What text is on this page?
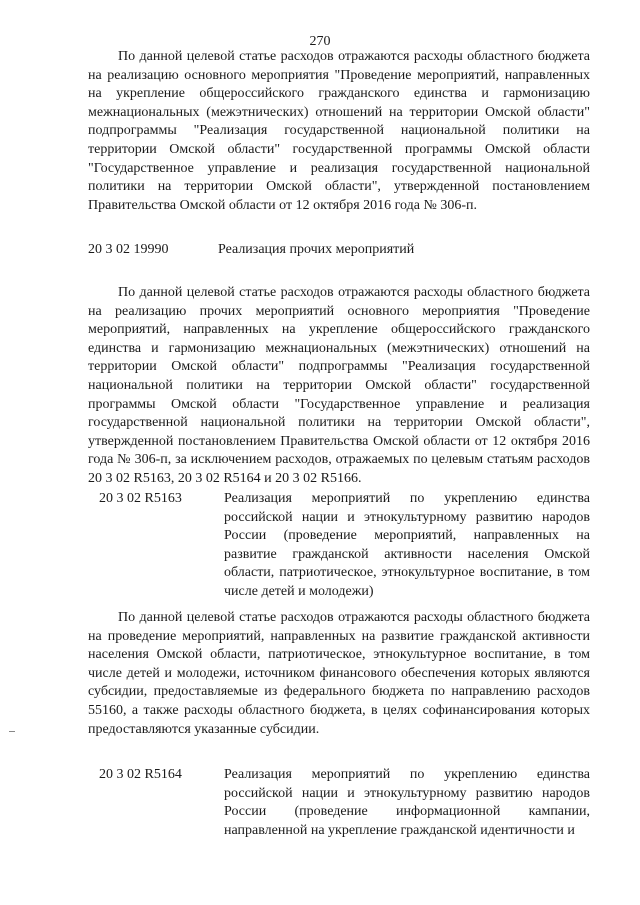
270

По данной целевой статье расходов отражаются расходы областного бюджета на реализацию основного мероприятия "Проведение мероприятий, направленных на укрепление общероссийского гражданского единства и гармонизацию межнациональных (межэтнических) отношений на территории Омской области" подпрограммы "Реализация государственной национальной политики на территории Омской области" государственной программы Омской области "Государственное управление и реализация государственной национальной политики на территории Омской области", утвержденной постановлением Правительства Омской области от 12 октября 2016 года № 306-п.

20 3 02 19990	Реализация прочих мероприятий

По данной целевой статье расходов отражаются расходы областного бюджета на реализацию прочих мероприятий основного мероприятия "Проведение мероприятий, направленных на укрепление общероссийского гражданского единства и гармонизацию межнациональных (межэтнических) отношений на территории Омской области" подпрограммы "Реализация государственной национальной политики на территории Омской области" государственной программы Омской области "Государственное управление и реализация государственной национальной политики на территории Омской области", утвержденной постановлением Правительства Омской области от 12 октября 2016 года № 306-п, за исключением расходов, отражаемых по целевым статьям расходов 20 3 02 R5163, 20 3 02 R5164 и 20 3 02 R5166.

20 3 02 R5163	Реализация мероприятий по укреплению единства российской нации и этнокультурному развитию народов России (проведение мероприятий, направленных на развитие гражданской активности населения Омской области, патриотическое, этнокультурное воспитание, в том числе детей и молодежи)

По данной целевой статье расходов отражаются расходы областного бюджета на проведение мероприятий, направленных на развитие гражданской активности населения Омской области, патриотическое, этнокультурное воспитание, в том числе детей и молодежи, источником финансового обеспечения которых являются субсидии, предоставляемые из федерального бюджета по направлению расходов 55160, а также расходы областного бюджета, в целях софинансирования которых предоставляются указанные субсидии.

20 3 02 R5164	Реализация мероприятий по укреплению единства российской нации и этнокультурному развитию народов России (проведение информационной кампании, направленной на укрепление гражданской идентичности и
